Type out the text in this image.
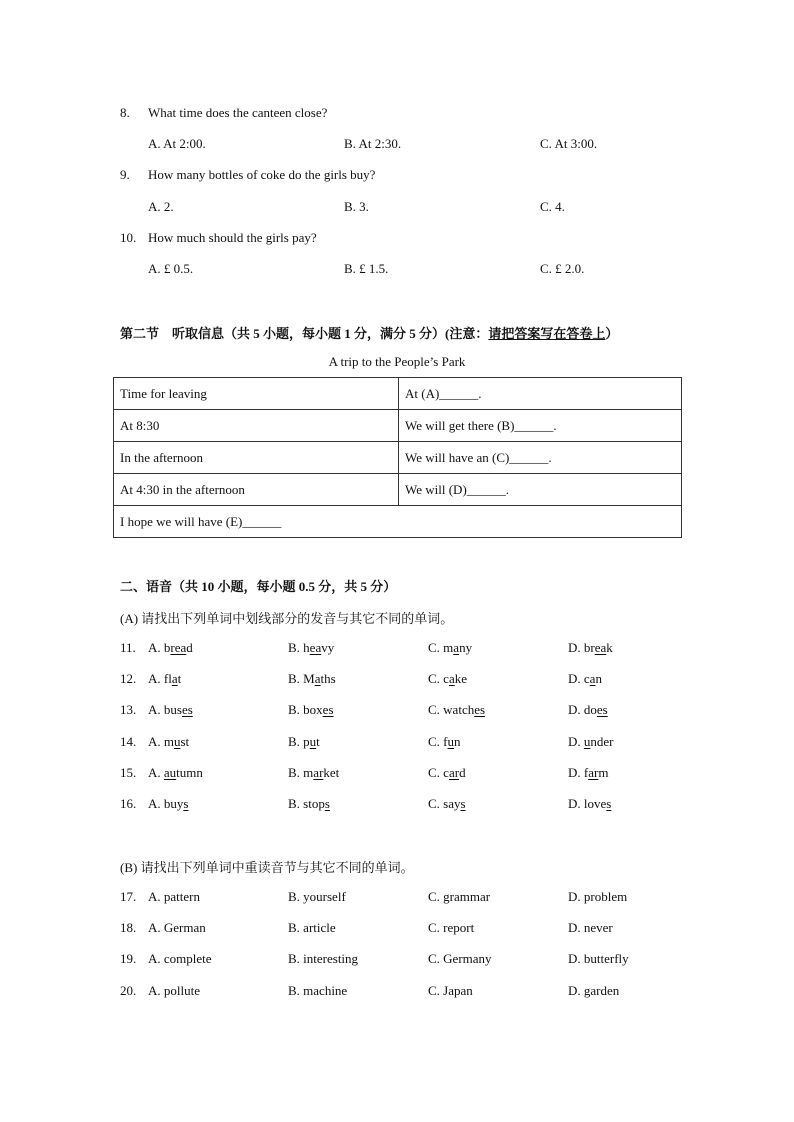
8. What time does the canteen close?
A. At 2:00.	B. At 2:30.	C. At 3:00.
9. How many bottles of coke do the girls buy?
A. 2.	B. 3.	C. 4.
10. How much should the girls pay?
A. £ 0.5.	B. £ 1.5.	C. £ 2.0.
第二节　听取信息（共 5 小题，每小题 1 分，满分 5 分）(注意：请把答案写在答卷上）
A trip to the People’s Park
Time for leaving	At (A)______.
At 8:30	We will get there (B)______.
In the afternoon	We will have an (C)______.
At 4:30 in the afternoon	We will (D)______.
I hope we will have (E)______	
二、语音（共 10 小题，每小题 0.5 分，共 5 分）
(A) 请找出下列单词中划线部分的发音与其它不同的单词。
11. A. bread	B. heavy	C. many	D. break
12. A. flat	B. Maths	C. cake	D. can
13. A. buses	B. boxes	C. watches	D. does
14. A. must	B. put	C. fun	D. under
15. A. autumn	B. market	C. card	D. farm
16. A. buys	B. stops	C. says	D. loves
(B) 请找出下列单词中重读音节与其它不同的单词。
17. A. pattern	B. yourself	C. grammar	D. problem
18. A. German	B. article	C. report	D. never
19. A. complete	B. interesting	C. Germany	D. butterfly
20. A. pollute	B. machine	C. Japan	D. garden
